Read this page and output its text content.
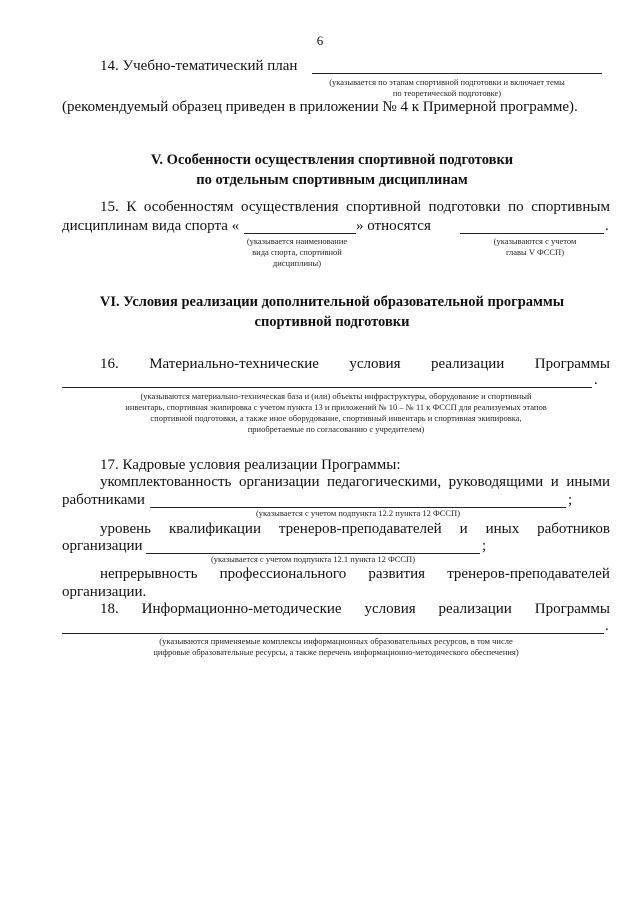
6
14. Учебно-тематический план
(указывается по этапам спортивной подготовки и включает темы
по теоретической подготовке)
(рекомендуемый образец приведен в приложении № 4 к Примерной программе).
V. Особенности осуществления спортивной подготовки
по отдельным спортивным дисциплинам
15. К особенностям осуществления спортивной подготовки по спортивным
дисциплинам вида спорта «	» относятся	.
(указывается наименование
вида спорта, спортивной
дисциплины)
(указываются с учетом
главы V ФССП)
VI. Условия реализации дополнительной образовательной программы
спортивной подготовки
16. Материально-технические условия реализации Программы
.
(указываются материально-техническая база и (или) объекты инфраструктуры, оборудование и спортивный
инвентарь, спортивная экипировка с учетом пункта 13 и приложений № 10 – № 11 к ФССП для реализуемых этапов
спортивной подготовки, а также иное оборудование, спортивный инвентарь и спортивная экипировка,
приобретаемые по согласованию с учредителем)
17. Кадровые условия реализации Программы:
укомплектованность организации педагогическими, руководящими и иными
работниками	;
(указывается с учетом подпункта 12.2 пункта 12 ФССП)
уровень квалификации тренеров-преподавателей и иных работников
организации	;
(указывается с учетом подпункта 12.1 пункта 12 ФССП)
непрерывность профессионального развития тренеров-преподавателей
организации.
18. Информационно-методические условия реализации Программы
.
(указываются применяемые комплексы информационных образовательных ресурсов, в том числе
цифровые образовательные ресурсы, а также перечень информационно-методического обеспечения)
